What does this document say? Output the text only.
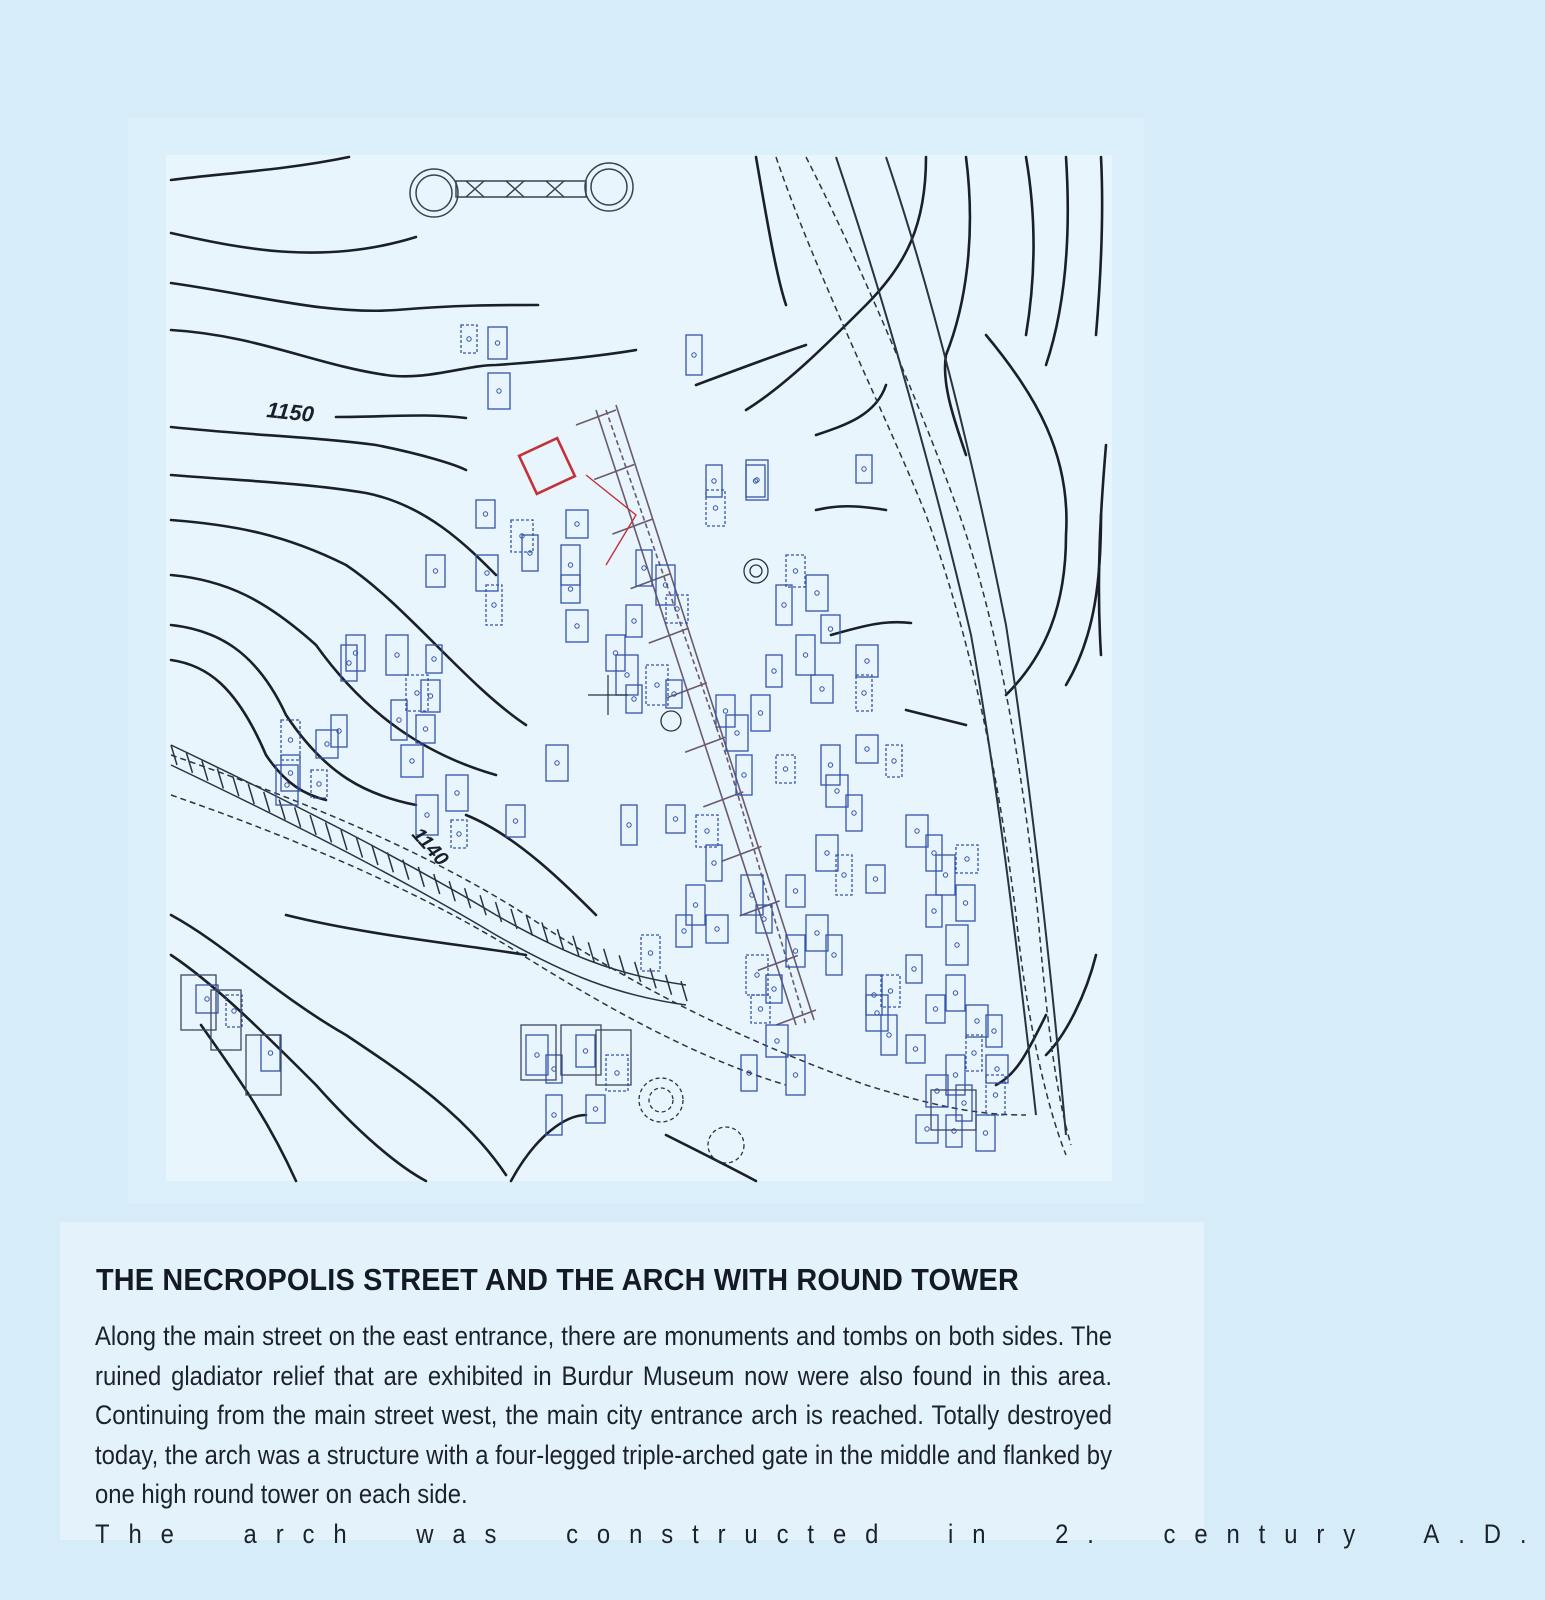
1150
1140
THE NECROPOLIS STREET AND THE ARCH WITH ROUND TOWER

Along the main street on the east entrance, there are monuments and tombs on both sides. The ruined gladiator relief that are exhibited in Burdur Museum now were also found in this area. Continuing from the main street west, the main city entrance arch is reached. Totally destroyed today, the arch was a structure with a four-legged triple-arched gate in the middle and flanked by one high round tower on each side.

The arch was constructed in 2. century A.D.
